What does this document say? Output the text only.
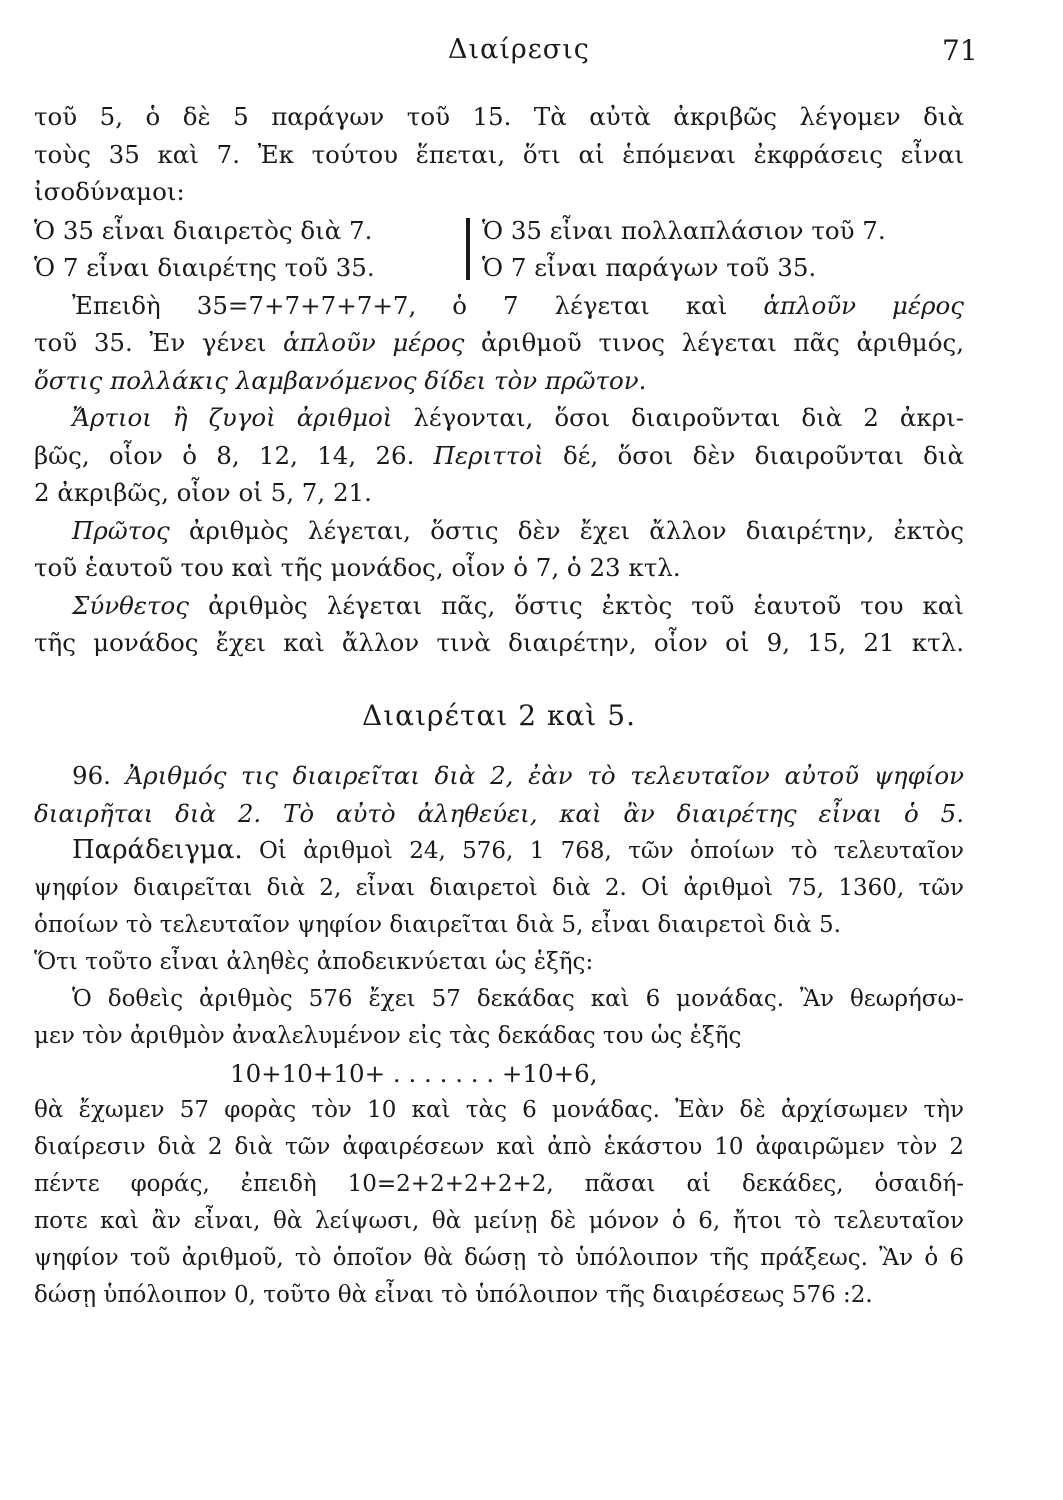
Διαίρεσις	71
τοῦ 5, ὁ δὲ 5 παράγων τοῦ 15. Τὰ αὐτὰ ἀκριβῶς λέγομεν διὰ
τοὺς 35 καὶ 7. Ἐκ τούτου ἕπεται, ὅτι αἱ ἑπόμεναι ἐκφράσεις εἶναι
ἰσοδύναμοι:
Ὁ 35 εἶναι διαιρετὸς διὰ 7.
Ὁ 7 εἶναι διαιρέτης τοῦ 35.
Ὁ 35 εἶναι πολλαπλάσιον τοῦ 7.
Ὁ 7 εἶναι παράγων τοῦ 35.
Ἐπειδὴ 35=7+7+7+7+7, ὁ 7 λέγεται καὶ ἁπλοῦν μέρος
τοῦ 35. Ἐν γένει ἁπλοῦν μέρος ἀριθμοῦ τινος λέγεται πᾶς ἀριθμός,
ὅστις πολλάκις λαμβανόμενος δίδει τὸν πρῶτον.
Ἄρτιοι ἢ ζυγοὶ ἀριθμοὶ λέγονται, ὅσοι διαιροῦνται διὰ 2 ἀκρι-
βῶς, οἷον ὁ 8, 12, 14, 26. Περιττοὶ δέ, ὅσοι δὲν διαιροῦνται διὰ
2 ἀκριβῶς, οἷον οἱ 5, 7, 21.
Πρῶτος ἀριθμὸς λέγεται, ὅστις δὲν ἔχει ἄλλον διαιρέτην, ἐκτὸς
τοῦ ἑαυτοῦ του καὶ τῆς μονάδος, οἷον ὁ 7, ὁ 23 κτλ.
Σύνθετος ἀριθμὸς λέγεται πᾶς, ὅστις ἐκτὸς τοῦ ἑαυτοῦ του καὶ
τῆς μονάδος ἔχει καὶ ἄλλον τινὰ διαιρέτην, οἷον οἱ 9, 15, 21 κτλ.
Διαιρέται 2 καὶ 5.
96. Ἀριθμός τις διαιρεῖται διὰ 2, ἐὰν τὸ τελευταῖον αὐτοῦ ψηφίον
διαιρῆται διὰ 2. Τὸ αὐτὸ ἀληθεύει, καὶ ἂν διαιρέτης εἶναι ὁ 5.
Παράδειγμα. Οἱ ἀριθμοὶ 24, 576, 1 768, τῶν ὁποίων τὸ τελευταῖον
ψηφίον διαιρεῖται διὰ 2, εἶναι διαιρετοὶ διὰ 2. Οἱ ἀριθμοὶ 75, 1360, τῶν
ὁποίων τὸ τελευταῖον ψηφίον διαιρεῖται διὰ 5, εἶναι διαιρετοὶ διὰ 5.
Ὅτι τοῦτο εἶναι ἀληθὲς ἀποδεικνύεται ὡς ἑξῆς:
Ὁ δοθεὶς ἀριθμὸς 576 ἔχει 57 δεκάδας καὶ 6 μονάδας. Ἂν θεωρήσω-
μεν τὸν ἀριθμὸν ἀναλελυμένον εἰς τὰς δεκάδας του ὡς ἑξῆς
10+10+10+ . . . . . . . +10+6,
θὰ ἔχωμεν 57 φορὰς τὸν 10 καὶ τὰς 6 μονάδας. Ἐὰν δὲ ἀρχίσωμεν τὴν
διαίρεσιν διὰ 2 διὰ τῶν ἀφαιρέσεων καὶ ἀπὸ ἑκάστου 10 ἀφαιρῶμεν τὸν 2
πέντε φοράς, ἐπειδὴ 10=2+2+2+2+2, πᾶσαι αἱ δεκάδες, ὁσαιδή-
ποτε καὶ ἂν εἶναι, θὰ λείψωσι, θὰ μείνῃ δὲ μόνον ὁ 6, ἤτοι τὸ τελευταῖον
ψηφίον τοῦ ἀριθμοῦ, τὸ ὁποῖον θὰ δώσῃ τὸ ὑπόλοιπον τῆς πράξεως. Ἂν ὁ 6
δώσῃ ὑπόλοιπον 0, τοῦτο θὰ εἶναι τὸ ὑπόλοιπον τῆς διαιρέσεως 576 :2.
